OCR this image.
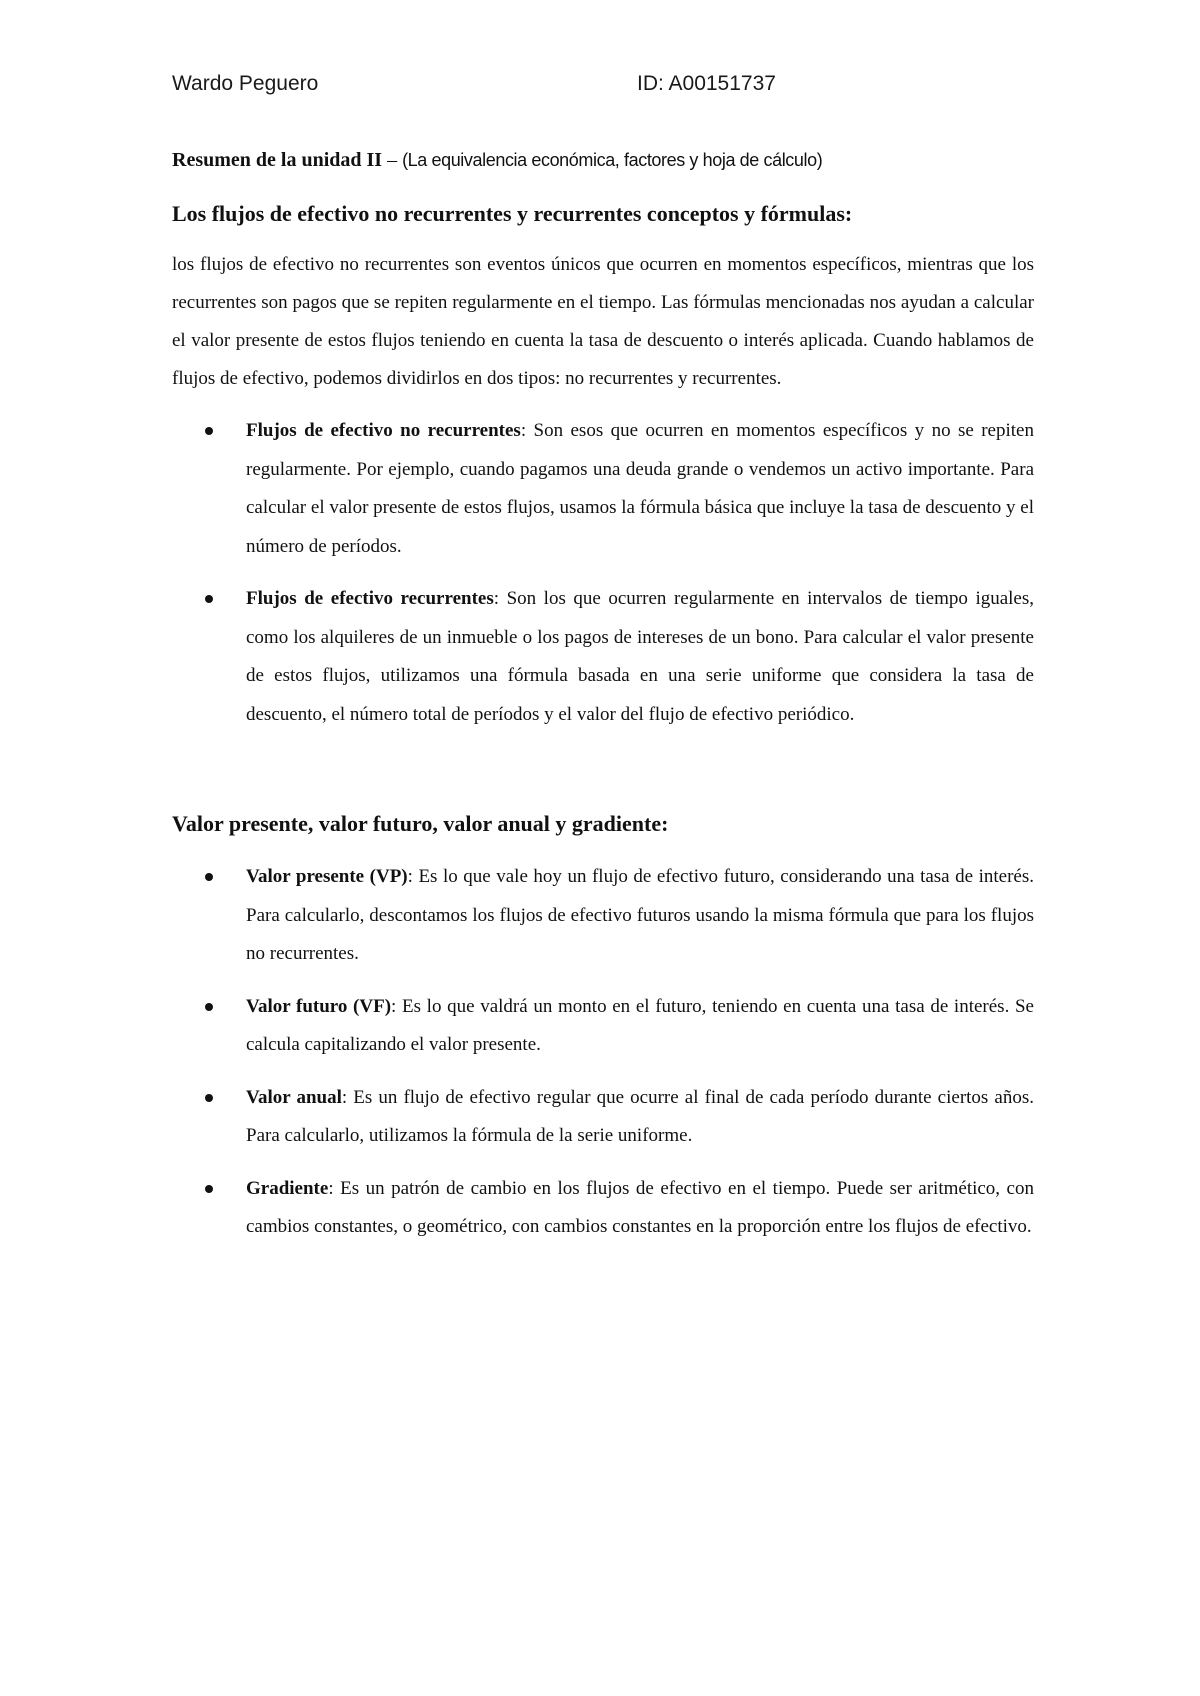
Wardo Peguero	ID: A00151737

Resumen de la unidad II – (La equivalencia económica, factores y hoja de cálculo)

Los flujos de efectivo no recurrentes y recurrentes conceptos y fórmulas:

los flujos de efectivo no recurrentes son eventos únicos que ocurren en momentos específicos, mientras que los recurrentes son pagos que se repiten regularmente en el tiempo. Las fórmulas mencionadas nos ayudan a calcular el valor presente de estos flujos teniendo en cuenta la tasa de descuento o interés aplicada. Cuando hablamos de flujos de efectivo, podemos dividirlos en dos tipos: no recurrentes y recurrentes.

Flujos de efectivo no recurrentes: Son esos que ocurren en momentos específicos y no se repiten regularmente. Por ejemplo, cuando pagamos una deuda grande o vendemos un activo importante. Para calcular el valor presente de estos flujos, usamos la fórmula básica que incluye la tasa de descuento y el número de períodos.
Flujos de efectivo recurrentes: Son los que ocurren regularmente en intervalos de tiempo iguales, como los alquileres de un inmueble o los pagos de intereses de un bono. Para calcular el valor presente de estos flujos, utilizamos una fórmula basada en una serie uniforme que considera la tasa de descuento, el número total de períodos y el valor del flujo de efectivo periódico.
Valor presente, valor futuro, valor anual y gradiente:
Valor presente (VP): Es lo que vale hoy un flujo de efectivo futuro, considerando una tasa de interés. Para calcularlo, descontamos los flujos de efectivo futuros usando la misma fórmula que para los flujos no recurrentes.
Valor futuro (VF): Es lo que valdrá un monto en el futuro, teniendo en cuenta una tasa de interés. Se calcula capitalizando el valor presente.
Valor anual: Es un flujo de efectivo regular que ocurre al final de cada período durante ciertos años. Para calcularlo, utilizamos la fórmula de la serie uniforme.
Gradiente: Es un patrón de cambio en los flujos de efectivo en el tiempo. Puede ser aritmético, con cambios constantes, o geométrico, con cambios constantes en la proporción entre los flujos de efectivo.
